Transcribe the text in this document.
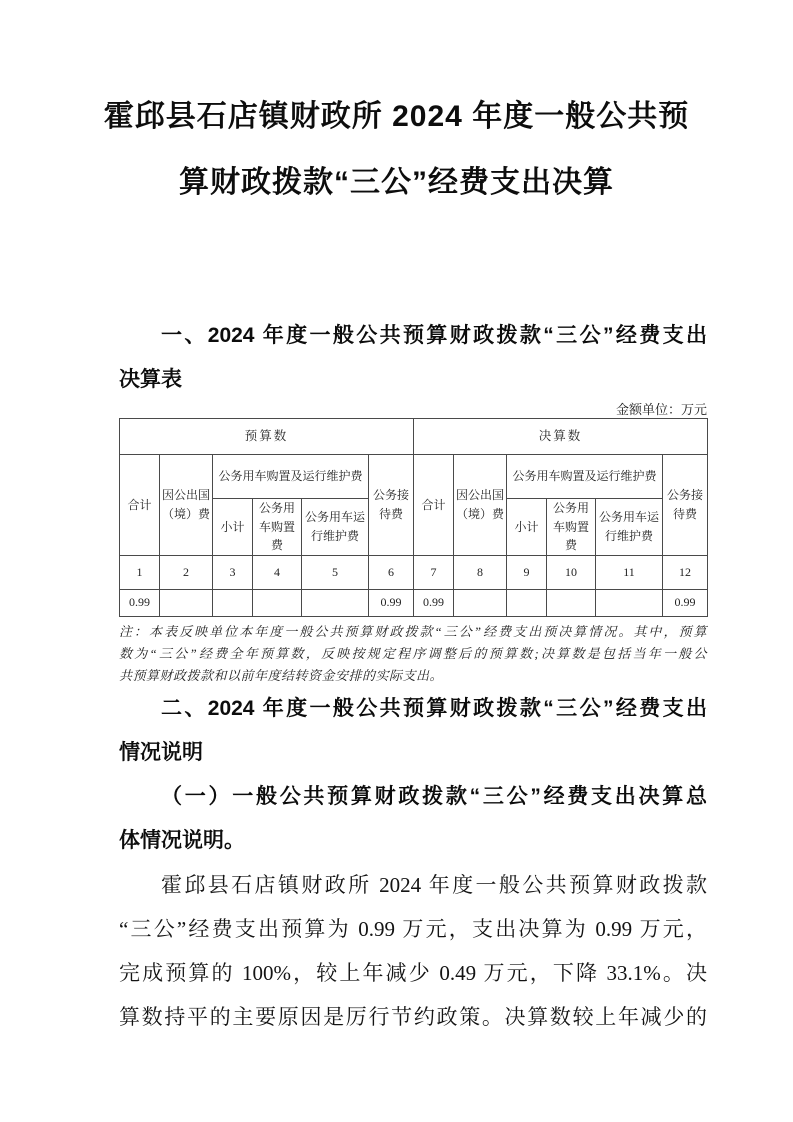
霍邱县石店镇财政所 2024 年度一般公共预
算财政拨款“三公”经费支出决算
一、2024 年度一般公共预算财政拨款“三公”经费支出
决算表
金额单位：万元
预算数						决算数					
合计	因公出国（境）费	公务用车购置及运行维护费			公务接待费	合计	因公出国（境）费	公务用车购置及运行维护费			公务接待费
		小计	公务用车购置费	公务用车运行维护费				小计	公务用车购置费	公务用车运行维护费	
1	2	3	4	5	6	7	8	9	10	11	12
0.99					0.99	0.99					0.99
注：本表反映单位本年度一般公共预算财政拨款“三公”经费支出预决算情况。其中，预算
数为“三公”经费全年预算数，反映按规定程序调整后的预算数;决算数是包括当年一般公
共预算财政拨款和以前年度结转资金安排的实际支出。
二、2024 年度一般公共预算财政拨款“三公”经费支出
情况说明
（一）一般公共预算财政拨款“三公”经费支出决算总
体情况说明。
霍邱县石店镇财政所 2024 年度一般公共预算财政拨款
“三公”经费支出预算为 0.99 万元，支出决算为 0.99 万元，
完成预算的 100%，较上年减少 0.49 万元，下降 33.1%。决
算数持平的主要原因是厉行节约政策。决算数较上年减少的
